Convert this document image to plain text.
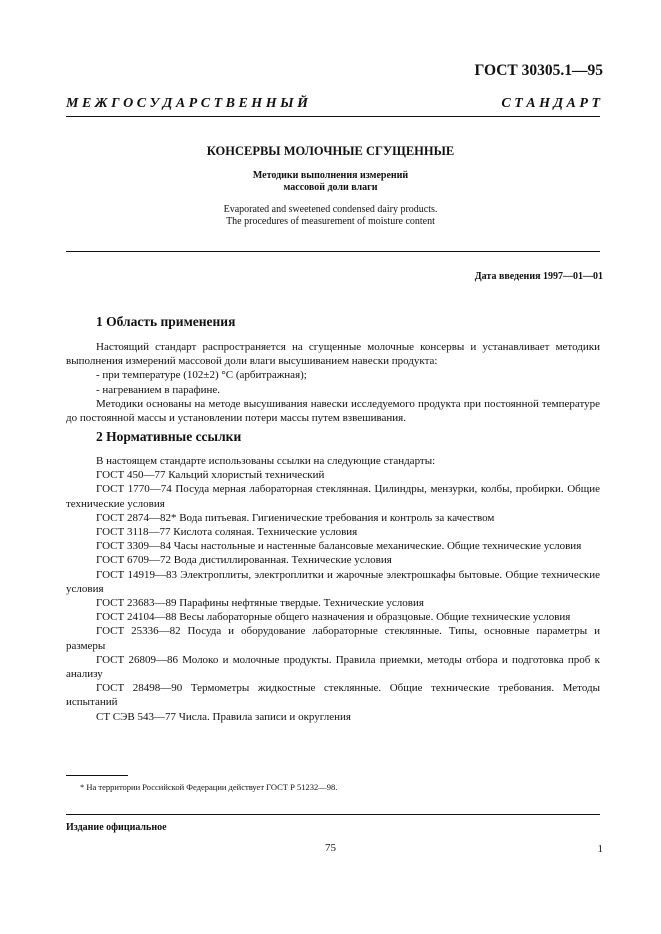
ГОСТ 30305.1—95
М Е Ж Г О С У Д А Р С Т В Е Н Н Ы Й	С Т А Н Д А Р Т
КОНСЕРВЫ МОЛОЧНЫЕ СГУЩЕННЫЕ
Методики выполнения измерений
массовой доли влаги
Evaporated and sweetened condensed dairy products.
The procedures of measurement of moisture content
Дата введения 1997—01—01
1 Область применения

Настоящий стандарт распространяется на сгущенные молочные консервы и устанавливает методики выполнения измерений массовой доли влаги высушиванием навески продукта:

- при температуре (102±2) °С (арбитражная);

- нагреванием в парафине.

Методики основаны на методе высушивания навески исследуемого продукта при постоянной температуре до постоянной массы и установлении потери массы путем взвешивания.

2 Нормативные ссылки

В настоящем стандарте использованы ссылки на следующие стандарты:

ГОСТ 450—77 Кальций хлористый технический

ГОСТ 1770—74 Посуда мерная лабораторная стеклянная. Цилиндры, мензурки, колбы, пробирки. Общие технические условия

ГОСТ 2874—82* Вода питьевая. Гигиенические требования и контроль за качеством

ГОСТ 3118—77 Кислота соляная. Технические условия

ГОСТ 3309—84 Часы настольные и настенные балансовые механические. Общие технические условия

ГОСТ 6709—72 Вода дистиллированная. Технические условия

ГОСТ 14919—83 Электроплиты, электроплитки и жарочные электрошкафы бытовые. Общие технические условия

ГОСТ 23683—89 Парафины нефтяные твердые. Технические условия

ГОСТ 24104—88 Весы лабораторные общего назначения и образцовые. Общие технические условия

ГОСТ 25336—82 Посуда и оборудование лабораторные стеклянные. Типы, основные параметры и размеры

ГОСТ 26809—86 Молоко и молочные продукты. Правила приемки, методы отбора и подготовка проб к анализу

ГОСТ 28498—90 Термометры жидкостные стеклянные. Общие технические требования. Методы испытаний

СТ СЭВ 543—77 Числа. Правила записи и округления

* На территории Российской Федерации действует ГОСТ Р 51232—98.
Издание официальное
75	1
